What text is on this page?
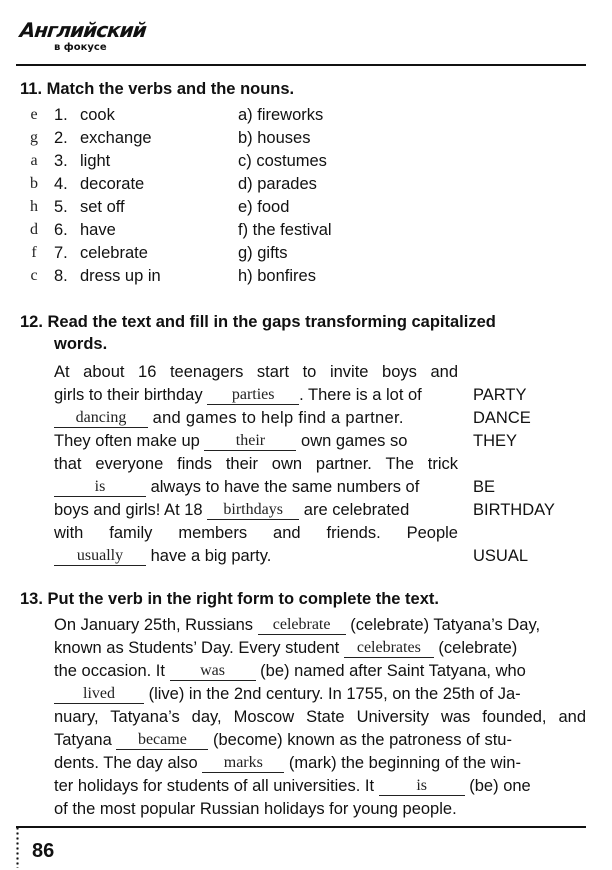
Английский
в фокусе
11. Match the verbs and the nouns.
e 1. cook	a) fireworks
g 2. exchange	b) houses
a 3. light	c) costumes
b 4. decorate	d) parades
h 5. set off	e) food
d 6. have	f) the festival
f	7. celebrate	g) gifts
c 8. dress up in	h) bonfires
12. Read the text and fill in the gaps transforming capitalized
words.
At about 16 teenagers start to invite boys and
girls to their birthday parties . There is a lot of
dancing and games to help find a partner.
They often make up their own games so
that everyone finds their own partner. The trick
is	always to have the same numbers of
boys and girls! At 18 birthdays are celebrated
with family members and friends. People
usually have a big party.
PARTY
DANCE
THEY
BE
BIRTHDAY
USUAL
13. Put the verb in the right form to complete the text.
On January 25th, Russians celebrate (celebrate) Tatyana’s Day,
known as Students’ Day. Every student celebrates (celebrate)
the occasion. It was (be) named after Saint Tatyana, who
lived (live) in the 2nd century. In 1755, on the 25th of Ja-
nuary, Tatyana’s day, Moscow State University was founded, and
Tatyana became (become) known as the patroness of stu-
dents. The day also marks (mark) the beginning of the win-
ter holidays for students of all universities. It	is	(be) one
of the most popular Russian holidays for young people.
86
